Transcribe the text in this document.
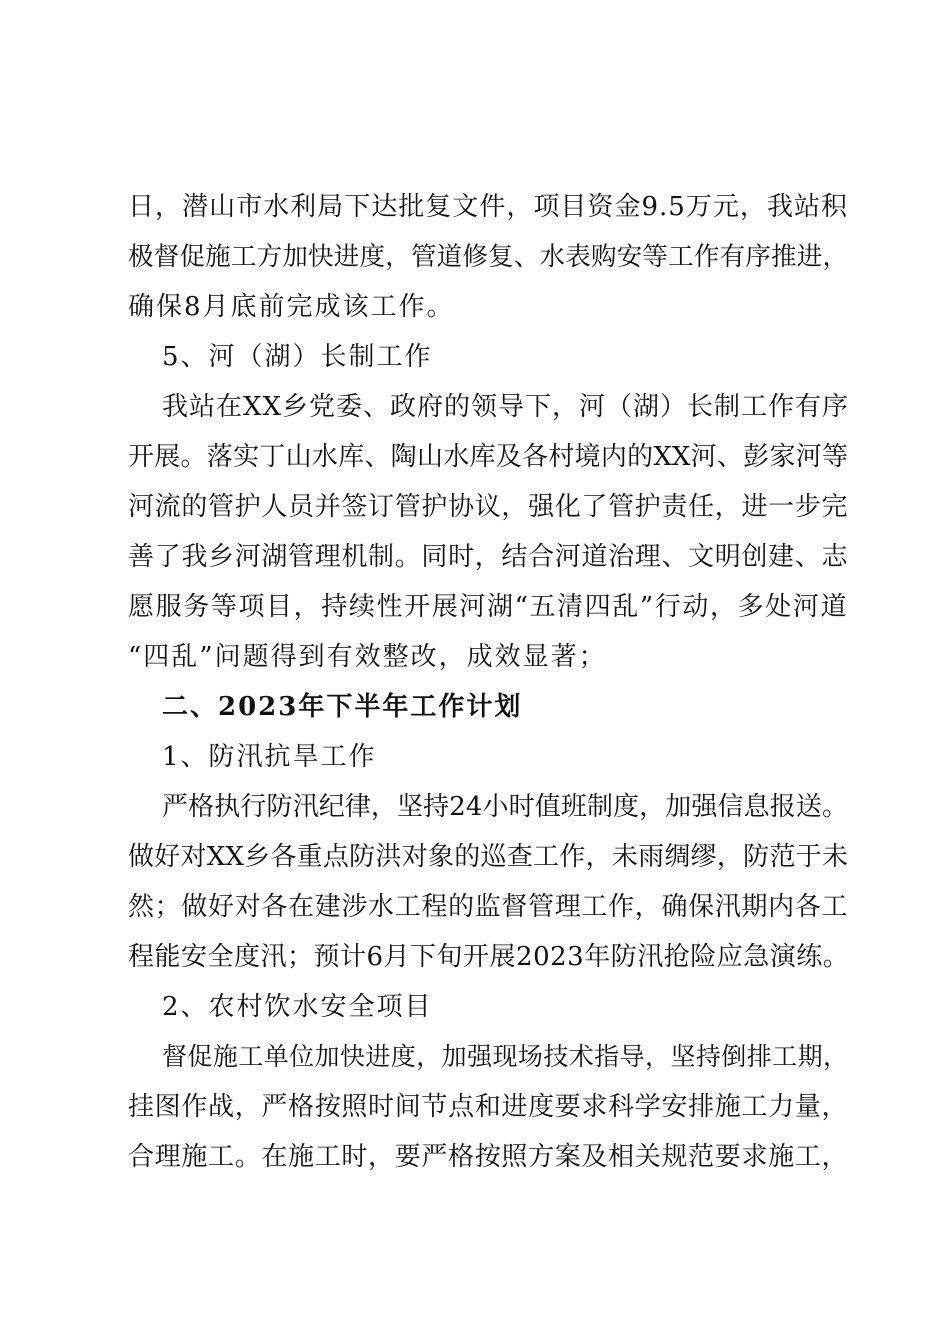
日，潜山市水利局下达批复文件，项目资金9.5万元，我站积
极督促施工方加快进度，管道修复、水表购安等工作有序推进，
确保8月底前完成该工作。
5、河（湖）长制工作
我站在XX乡党委、政府的领导下，河（湖）长制工作有序
开展。落实丁山水库、陶山水库及各村境内的XX河、彭家河等
河流的管护人员并签订管护协议，强化了管护责任，进一步完
善了我乡河湖管理机制。同时，结合河道治理、文明创建、志
愿服务等项目，持续性开展河湖“五清四乱”行动，多处河道
“四乱”问题得到有效整改，成效显著；
二、2023年下半年工作计划
1、防汛抗旱工作
严格执行防汛纪律，坚持24小时值班制度，加强信息报送。
做好对XX乡各重点防洪对象的巡查工作，未雨绸缪，防范于未
然；做好对各在建涉水工程的监督管理工作，确保汛期内各工
程能安全度汛；预计6月下旬开展2023年防汛抢险应急演练。
2、农村饮水安全项目
督促施工单位加快进度，加强现场技术指导，坚持倒排工期，
挂图作战，严格按照时间节点和进度要求科学安排施工力量，
合理施工。在施工时，要严格按照方案及相关规范要求施工，
